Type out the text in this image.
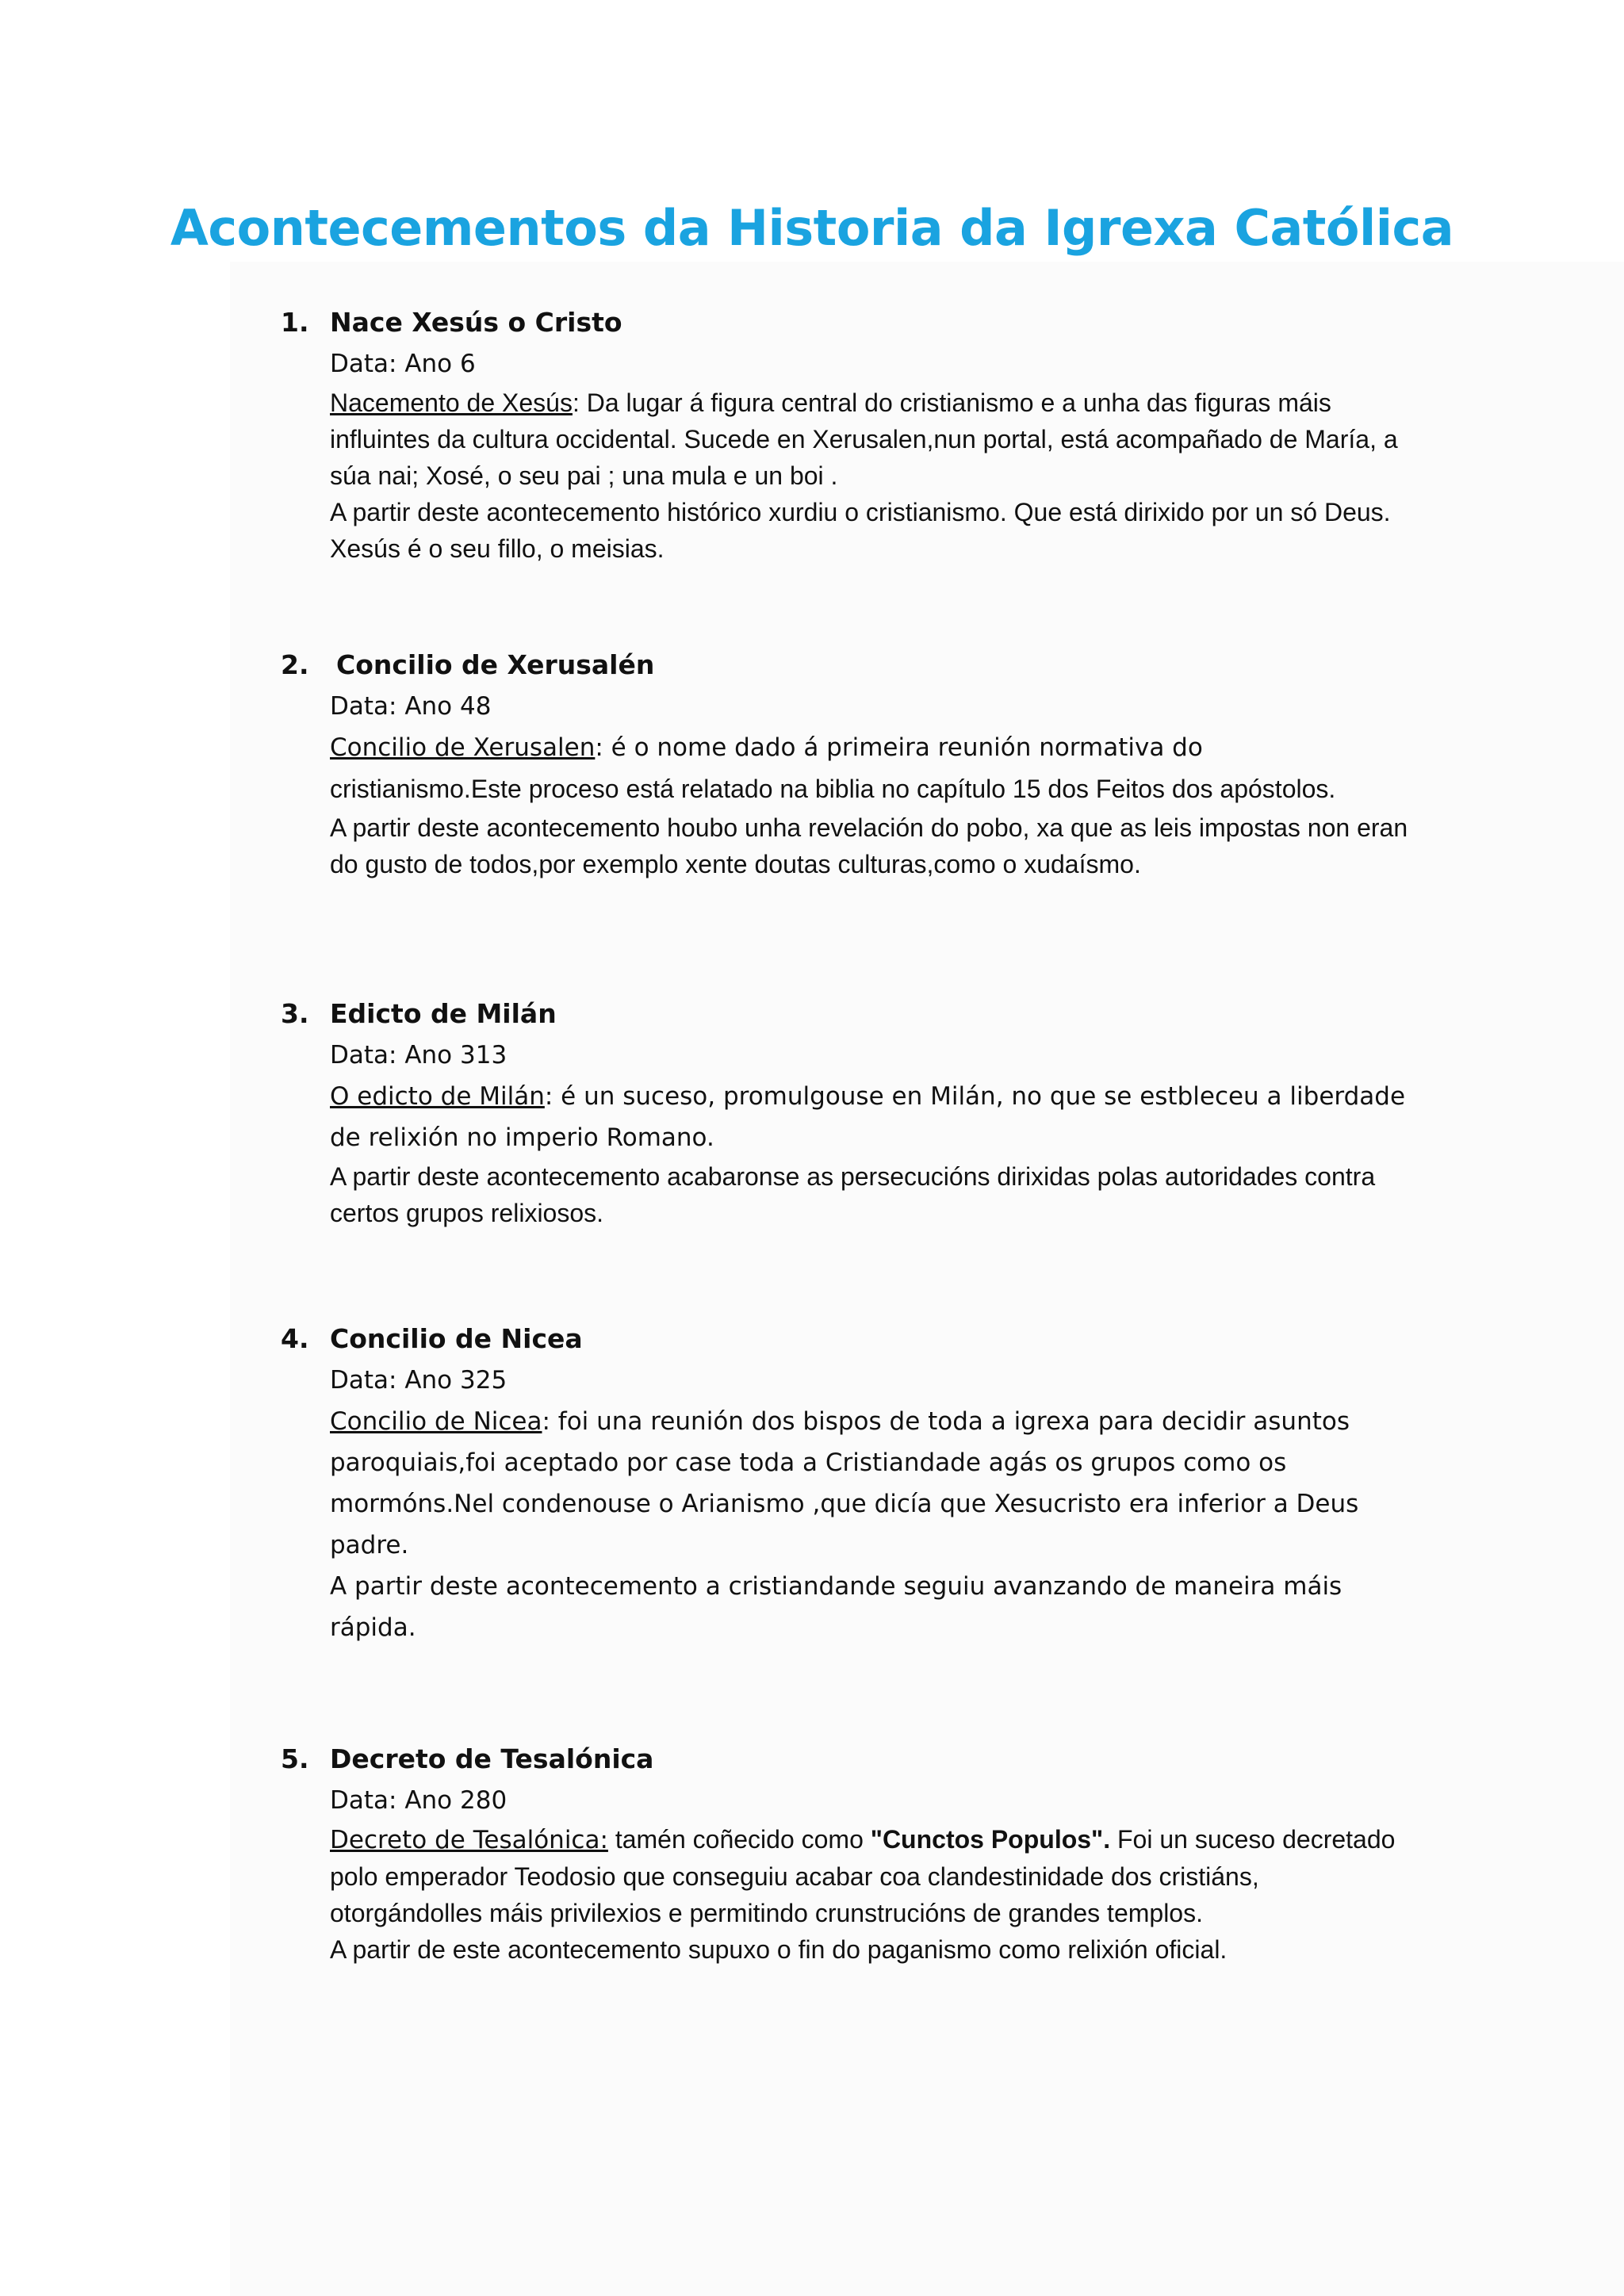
Acontecementos da Historia da Igrexa Católica
1. Nace Xesús o Cristo
Data: Ano 6
Nacemento de Xesús: Da lugar á figura central do cristianismo e a unha das figuras máis influintes da cultura occidental. Sucede en Xerusalen,nun portal, está acompañado de María, a súa nai; Xosé, o seu pai ; una mula e un boi .
A partir deste acontecemento histórico xurdiu o cristianismo. Que está dirixido por un só Deus. Xesús é o seu fillo, o meisias.
2. Concilio de Xerusalén
Data: Ano 48
Concilio de Xerusalen: é o nome dado á primeira reunión normativa do
cristianismo.Este proceso está relatado na biblia no capítulo 15 dos Feitos dos apóstolos.
A partir deste acontecemento houbo unha revelación do pobo, xa que as leis impostas non eran do gusto de todos,por exemplo xente doutas culturas,como o xudaísmo.
3. Edicto de Milán
Data: Ano 313
O edicto de Milán: é un suceso, promulgouse en Milán, no que se estbleceu a liberdade de relixión no imperio Romano.
A partir deste acontecemento acabaronse as persecucións dirixidas polas autoridades contra certos grupos relixiosos.
4. Concilio de Nicea
Data: Ano 325
Concilio de Nicea: foi una reunión dos bispos de toda a igrexa para decidir asuntos paroquiais,foi aceptado por case toda a Cristiandade agás os grupos como os mormóns.Nel condenouse o Arianismo ,que dicía que Xesucristo era inferior a Deus padre.
A partir deste acontecemento a cristiandande seguiu avanzando de maneira máis rápida.
5. Decreto de Tesalónica
Data: Ano 280
Decreto de Tesalónica: tamén coñecido como "Cunctos Populos". Foi un suceso decretado polo emperador Teodosio que conseguiu acabar coa clandestinidade dos cristiáns, otorgándolles máis privilexios e permitindo crunstrucións de grandes templos.
A partir de este acontecemento supuxo o fin do paganismo como relixión oficial.
